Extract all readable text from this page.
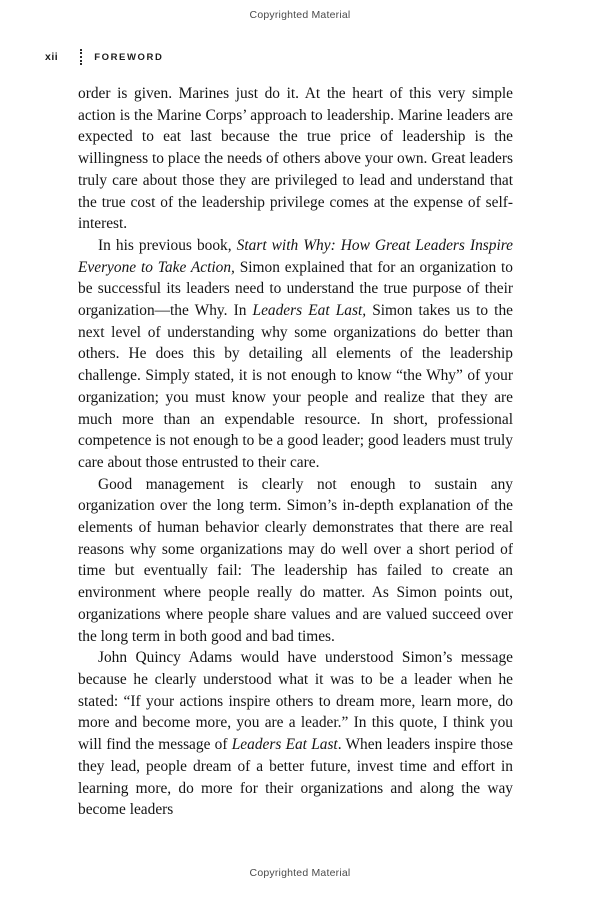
Copyrighted Material
xii	FOREWORD

order is given. Marines just do it. At the heart of this very simple action is the Marine Corps’ approach to leadership. Marine leaders are expected to eat last because the true price of leadership is the willingness to place the needs of others above your own. Great leaders truly care about those they are privileged to lead and understand that the true cost of the leadership privilege comes at the expense of self-interest.

In his previous book, Start with Why: How Great Leaders Inspire Everyone to Take Action, Simon explained that for an organization to be successful its leaders need to understand the true purpose of their organization—the Why. In Leaders Eat Last, Simon takes us to the next level of understanding why some organizations do better than others. He does this by detailing all elements of the leadership challenge. Simply stated, it is not enough to know “the Why” of your organization; you must know your people and realize that they are much more than an expendable resource. In short, professional competence is not enough to be a good leader; good leaders must truly care about those entrusted to their care.

Good management is clearly not enough to sustain any organization over the long term. Simon’s in-depth explanation of the elements of human behavior clearly demonstrates that there are real reasons why some organizations may do well over a short period of time but eventually fail: The leadership has failed to create an environment where people really do matter. As Simon points out, organizations where people share values and are valued succeed over the long term in both good and bad times.

John Quincy Adams would have understood Simon’s message because he clearly understood what it was to be a leader when he stated: “If your actions inspire others to dream more, learn more, do more and become more, you are a leader.” In this quote, I think you will find the message of Leaders Eat Last. When leaders inspire those they lead, people dream of a better future, invest time and effort in learning more, do more for their organizations and along the way become leaders

Copyrighted Material
